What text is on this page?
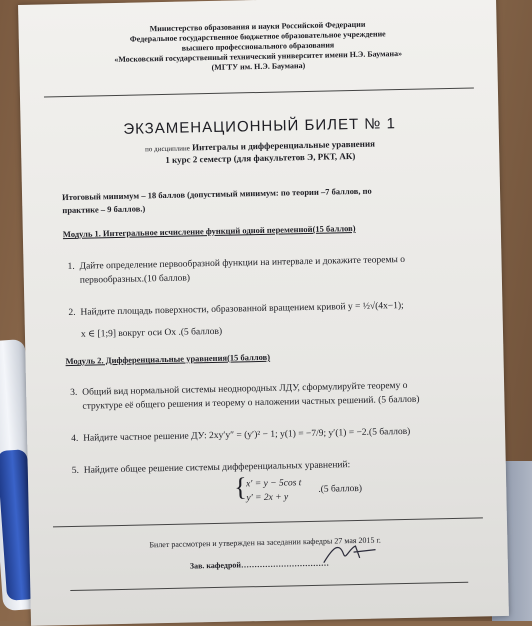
Министерство образования и науки Российской Федерации
Федеральное государственное бюджетное образовательное учреждение
высшего профессионального образования
«Московский государственный технический университет имени Н.Э. Баумана»
(МГТУ им. Н.Э. Баумана)
ЭКЗАМЕНАЦИОННЫЙ БИЛЕТ № 1
по дисциплине Интегралы и дифференциальные уравнения
1 курс 2 семестр (для факультетов Э, РКТ, АК)
Итоговый минимум – 18 баллов (допустимый минимум: по теории –7 баллов, по
практике – 9 баллов.)
Модуль 1. Интегральное исчисление функций одной переменной(15 баллов)
1. Дайте определение первообразной функции на интервале и докажите теоремы о
первообразных.(10 баллов)
2. Найдите площадь поверхности, образованной вращением кривой y = ½√(4x−1);
x ∈ [1;9] вокруг оси Ox .(5 баллов)
Модуль 2. Дифференциальные уравнения(15 баллов)
3. Общий вид нормальной системы неоднородных ЛДУ, сформулируйте теорему о
структуре её общего решения и теорему о наложении частных решений. (5 баллов)
4. Найдите частное решение ДУ: 2xy′y″ = (y′)² − 1; y(1) = −7/9; y′(1) = −2.(5 баллов)
5. Найдите общее решение системы дифференциальных уравнений:
{ x′ = y − 5cos t
y′ = 2x + y
.(5 баллов)
Билет рассмотрен и утвержден на заседании кафедры 27 мая 2015 г.
Зав. кафедрой……………………………
